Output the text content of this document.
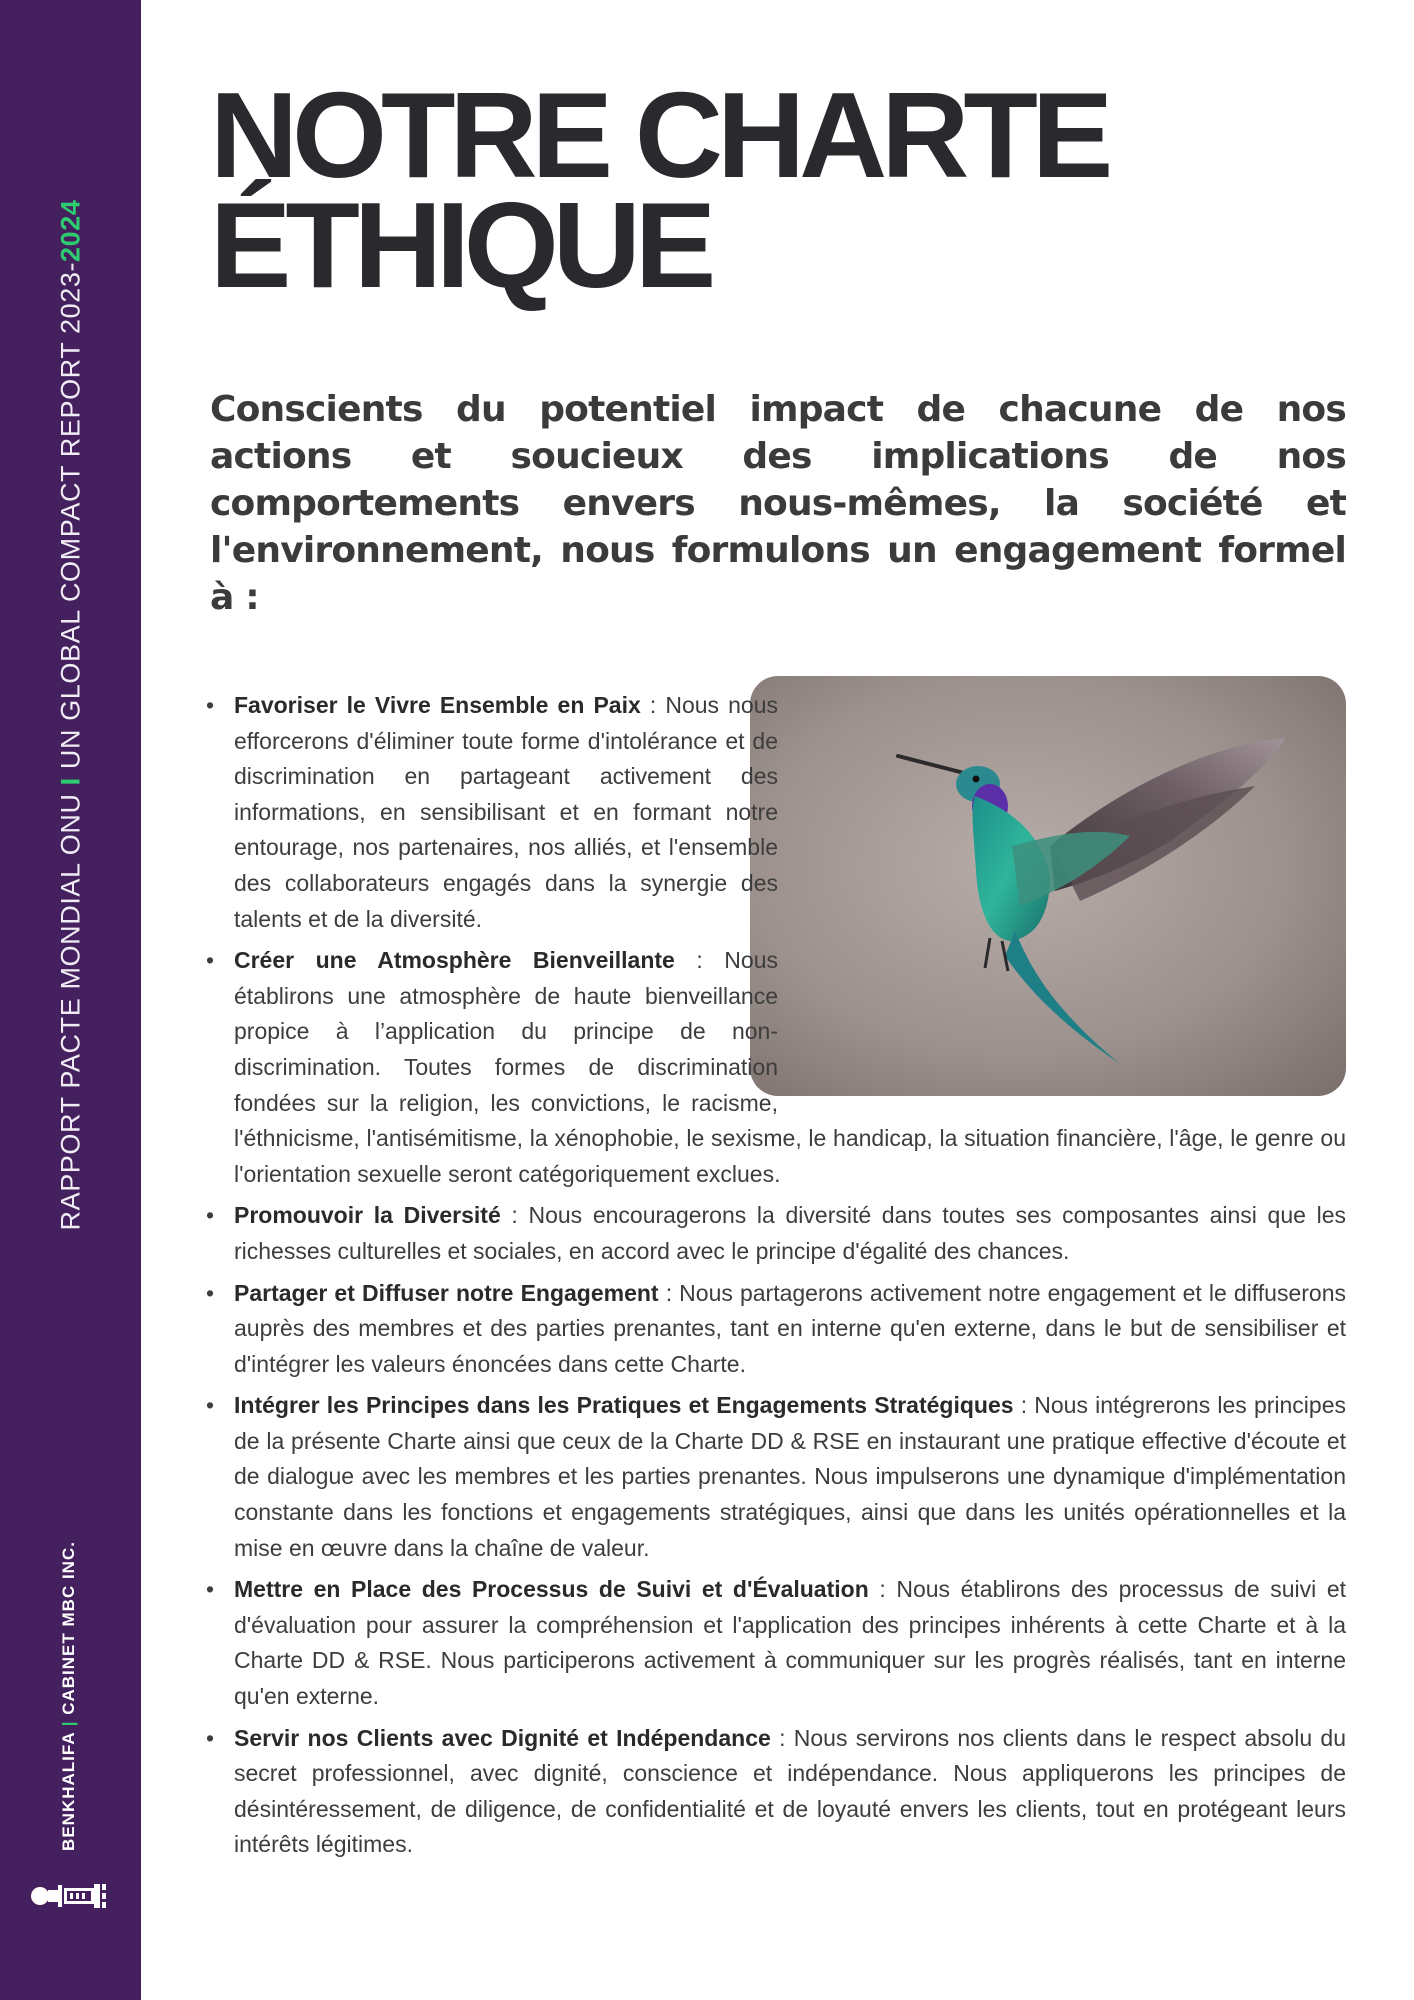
RAPPORT PACTE MONDIAL ONU I UN GLOBAL COMPACT REPORT 2023-2024
BENKHALIFA | CABINET MBC INC.
NOTRE CHARTE
ÉTHIQUE

Conscients du potentiel impact de chacune de nos actions et soucieux des implications de nos comportements envers nous-mêmes, la société et l'environnement, nous formulons un engagement formel à :

• Favoriser le Vivre Ensemble en Paix : Nous nous efforcerons d'éliminer toute forme d'intolérance et de discrimination en partageant activement des informations, en sensibilisant et en formant notre entourage, nos partenaires, nos alliés, et l'ensemble des collaborateurs engagés dans la synergie des talents et de la diversité.
• Créer une Atmosphère Bienveillante : Nous établirons une atmosphère de haute bienveillance propice à l’application du principe de non-discrimination. Toutes formes de discrimination fondées sur la religion, les convictions, le racisme, l'éthnicisme, l'antisémitisme, la xénophobie, le sexisme, le handicap, la situation financière, l'âge, le genre ou l'orientation sexuelle seront catégoriquement exclues.
• Promouvoir la Diversité : Nous encouragerons la diversité dans toutes ses composantes ainsi que les richesses culturelles et sociales, en accord avec le principe d'égalité des chances.
• Partager et Diffuser notre Engagement : Nous partagerons activement notre engagement et le diffuserons auprès des membres et des parties prenantes, tant en interne qu'en externe, dans le but de sensibiliser et d'intégrer les valeurs énoncées dans cette Charte.
• Intégrer les Principes dans les Pratiques et Engagements Stratégiques : Nous intégrerons les principes de la présente Charte ainsi que ceux de la Charte DD & RSE en instaurant une pratique effective d'écoute et de dialogue avec les membres et les parties prenantes. Nous impulserons une dynamique d'implémentation constante dans les fonctions et engagements stratégiques, ainsi que dans les unités opérationnelles et la mise en œuvre dans la chaîne de valeur.
• Mettre en Place des Processus de Suivi et d'Évaluation : Nous établirons des processus de suivi et d'évaluation pour assurer la compréhension et l'application des principes inhérents à cette Charte et à la Charte DD & RSE. Nous participerons activement à communiquer sur les progrès réalisés, tant en interne qu'en externe.
• Servir nos Clients avec Dignité et Indépendance : Nous servirons nos clients dans le respect absolu du secret professionnel, avec dignité, conscience et indépendance. Nous appliquerons les principes de désintéressement, de diligence, de confidentialité et de loyauté envers les clients, tout en protégeant leurs intérêts légitimes.
